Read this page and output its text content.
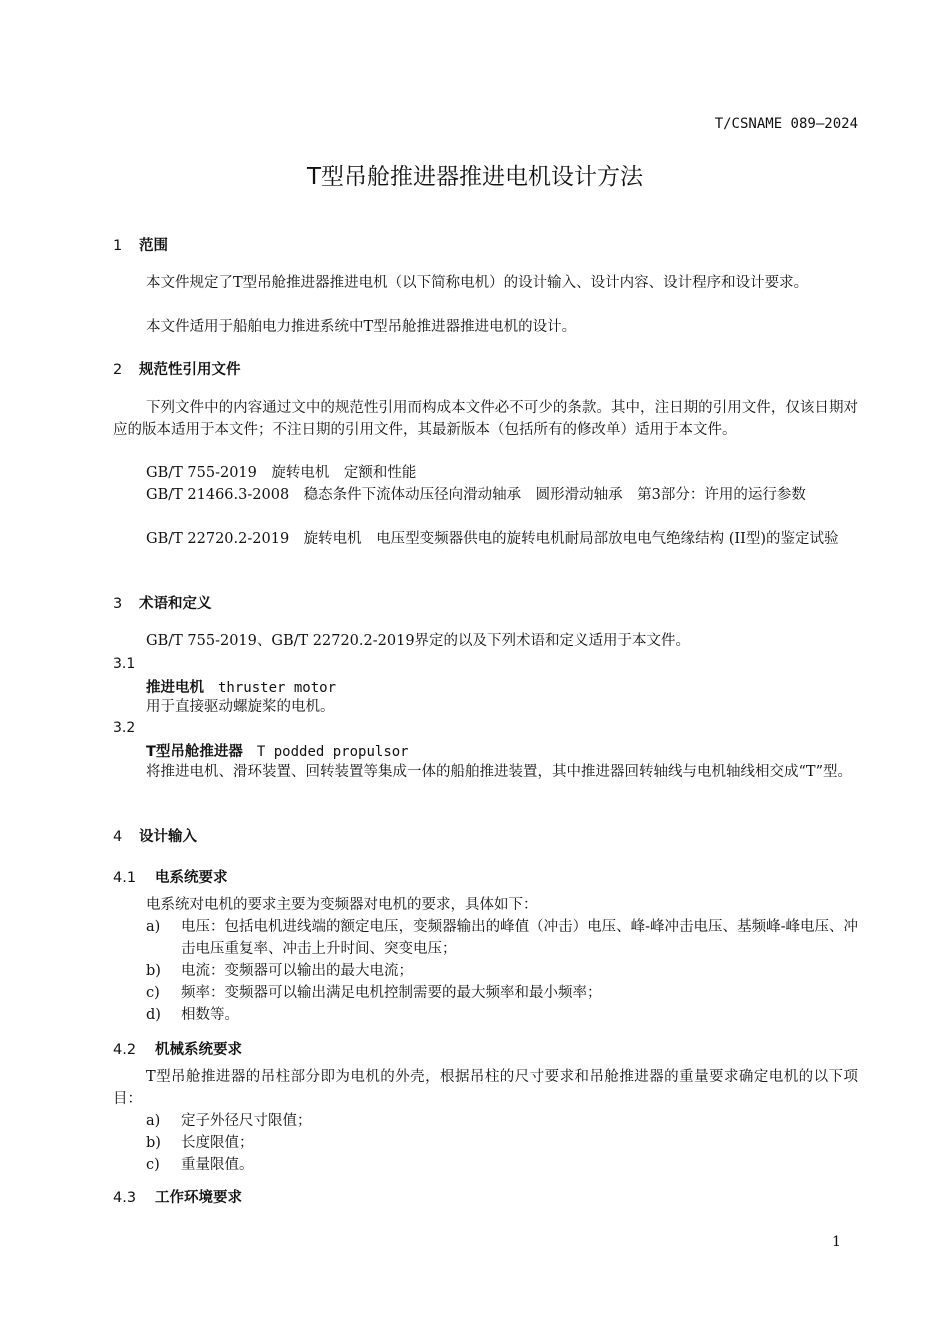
T/CSNAME 089—2024
T型吊舱推进器推进电机设计方法
1 范围
本文件规定了T型吊舱推进器推进电机（以下简称电机）的设计输入、设计内容、设计程序和设计要求。
本文件适用于船舶电力推进系统中T型吊舱推进器推进电机的设计。
2 规范性引用文件
下列文件中的内容通过文中的规范性引用而构成本文件必不可少的条款。其中，注日期的引用文件，仅该日期对应的版本适用于本文件；不注日期的引用文件，其最新版本（包括所有的修改单）适用于本文件。
GB/T 755-2019　旋转电机　定额和性能
GB/T 21466.3-2008　稳态条件下流体动压径向滑动轴承　圆形滑动轴承　第3部分：许用的运行参数
GB/T 22720.2-2019　旋转电机　电压型变频器供电的旋转电机耐局部放电电气绝缘结构 (II型)的鉴定试验
3 术语和定义
GB/T 755-2019、GB/T 22720.2-2019界定的以及下列术语和定义适用于本文件。
3.1
推进电机 thruster motor
用于直接驱动螺旋桨的电机。
3.2
T型吊舱推进器 T podded propulsor
将推进电机、滑环装置、回转装置等集成一体的船舶推进装置，其中推进器回转轴线与电机轴线相交成“T”型。
4 设计输入
4.1 电系统要求
电系统对电机的要求主要为变频器对电机的要求，具体如下：
a)	电压：包括电机进线端的额定电压，变频器输出的峰值（冲击）电压、峰-峰冲击电压、基频峰-峰电压、冲击电压重复率、冲击上升时间、突变电压；
b)	电流：变频器可以输出的最大电流；
c)	频率：变频器可以输出满足电机控制需要的最大频率和最小频率；
d)	相数等。
4.2 机械系统要求
T型吊舱推进器的吊柱部分即为电机的外壳，根据吊柱的尺寸要求和吊舱推进器的重量要求确定电机的以下项目：
a)	定子外径尺寸限值；
b)	长度限值；
c)	重量限值。
4.3 工作环境要求
1
